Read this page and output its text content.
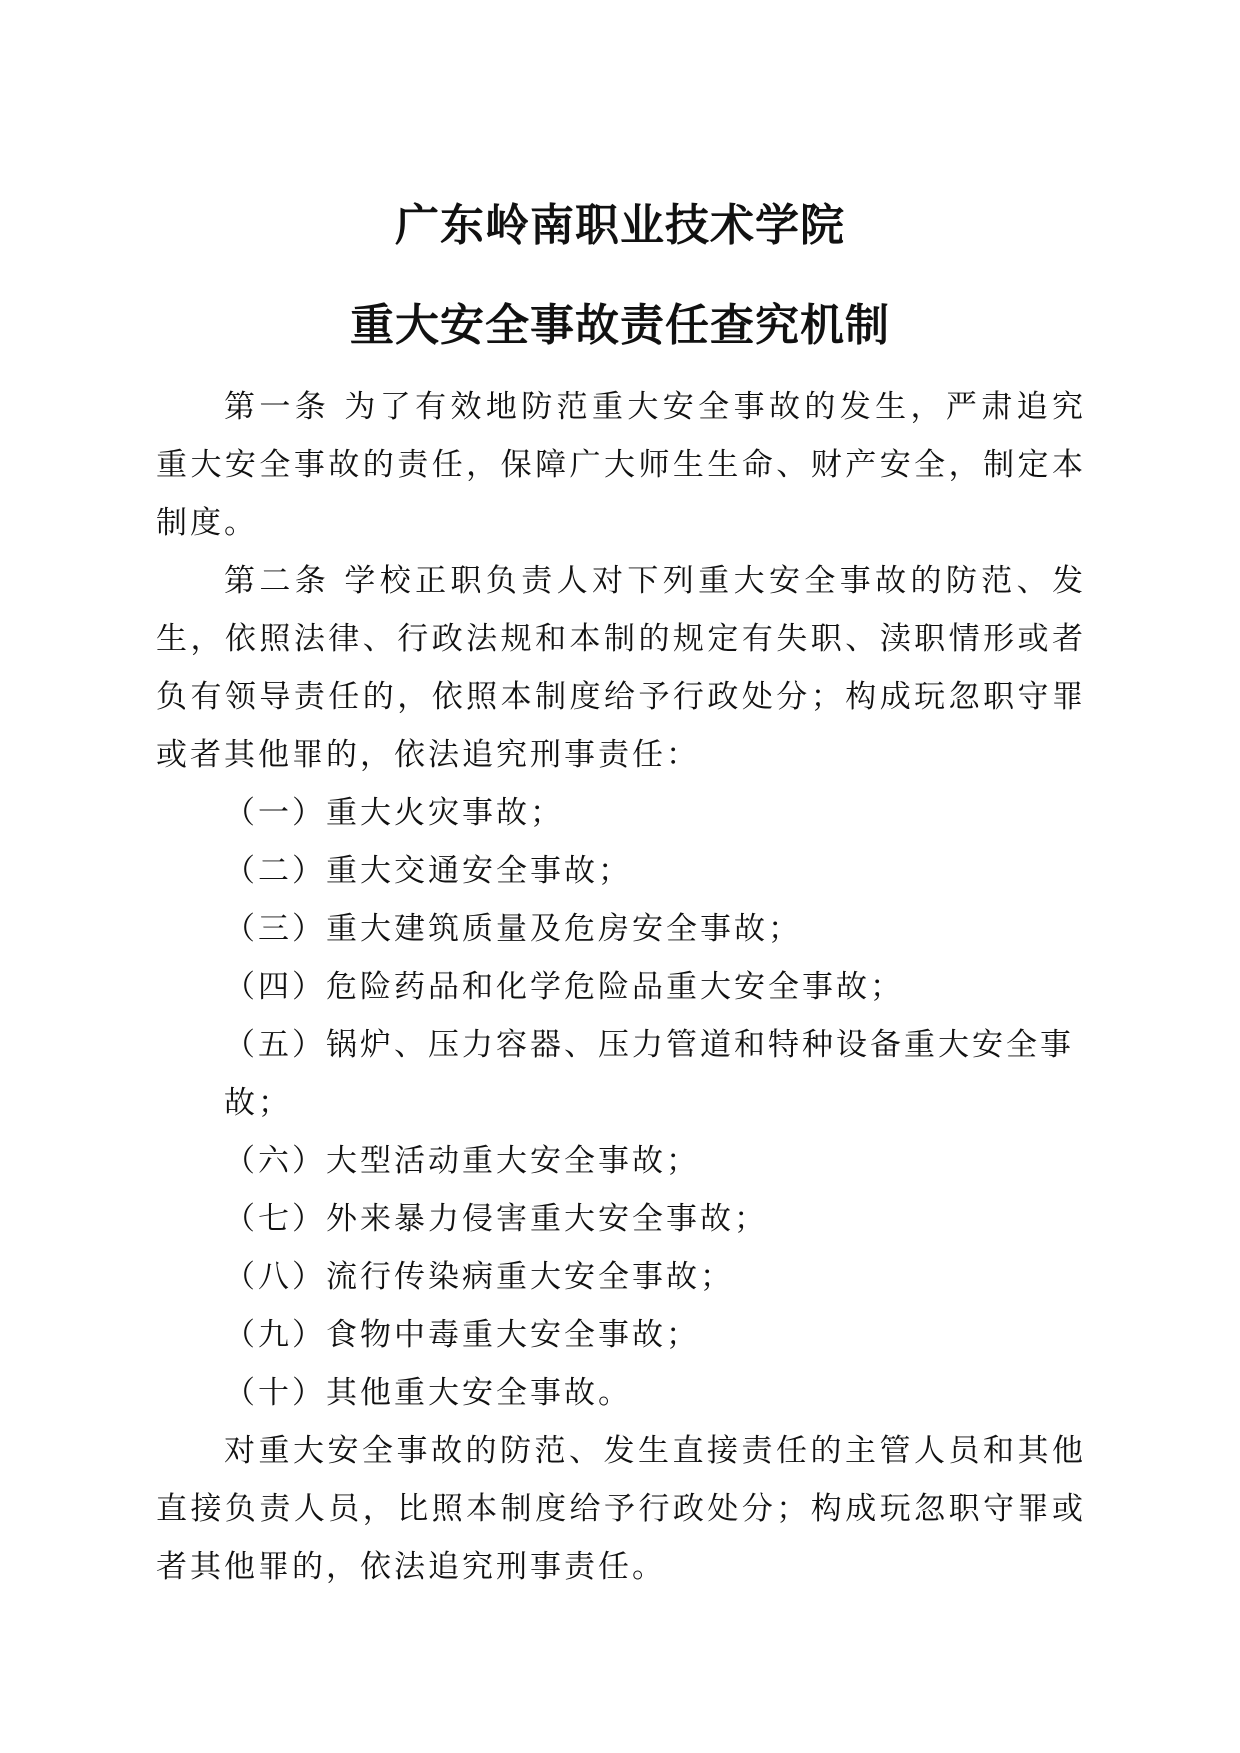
广东岭南职业技术学院
重大安全事故责任查究机制

第一条 为了有效地防范重大安全事故的发生，严肃追究重大安全事故的责任，保障广大师生生命、财产安全，制定本制度。

第二条 学校正职负责人对下列重大安全事故的防范、发生，依照法律、行政法规和本制的规定有失职、渎职情形或者负有领导责任的，依照本制度给予行政处分；构成玩忽职守罪或者其他罪的，依法追究刑事责任：

（一）重大火灾事故；

（二）重大交通安全事故；

（三）重大建筑质量及危房安全事故；

（四）危险药品和化学危险品重大安全事故；

（五）锅炉、压力容器、压力管道和特种设备重大安全事故；

（六）大型活动重大安全事故；

（七）外来暴力侵害重大安全事故；

（八）流行传染病重大安全事故；

（九）食物中毒重大安全事故；

（十）其他重大安全事故。

对重大安全事故的防范、发生直接责任的主管人员和其他直接负责人员，比照本制度给予行政处分；构成玩忽职守罪或者其他罪的，依法追究刑事责任。
